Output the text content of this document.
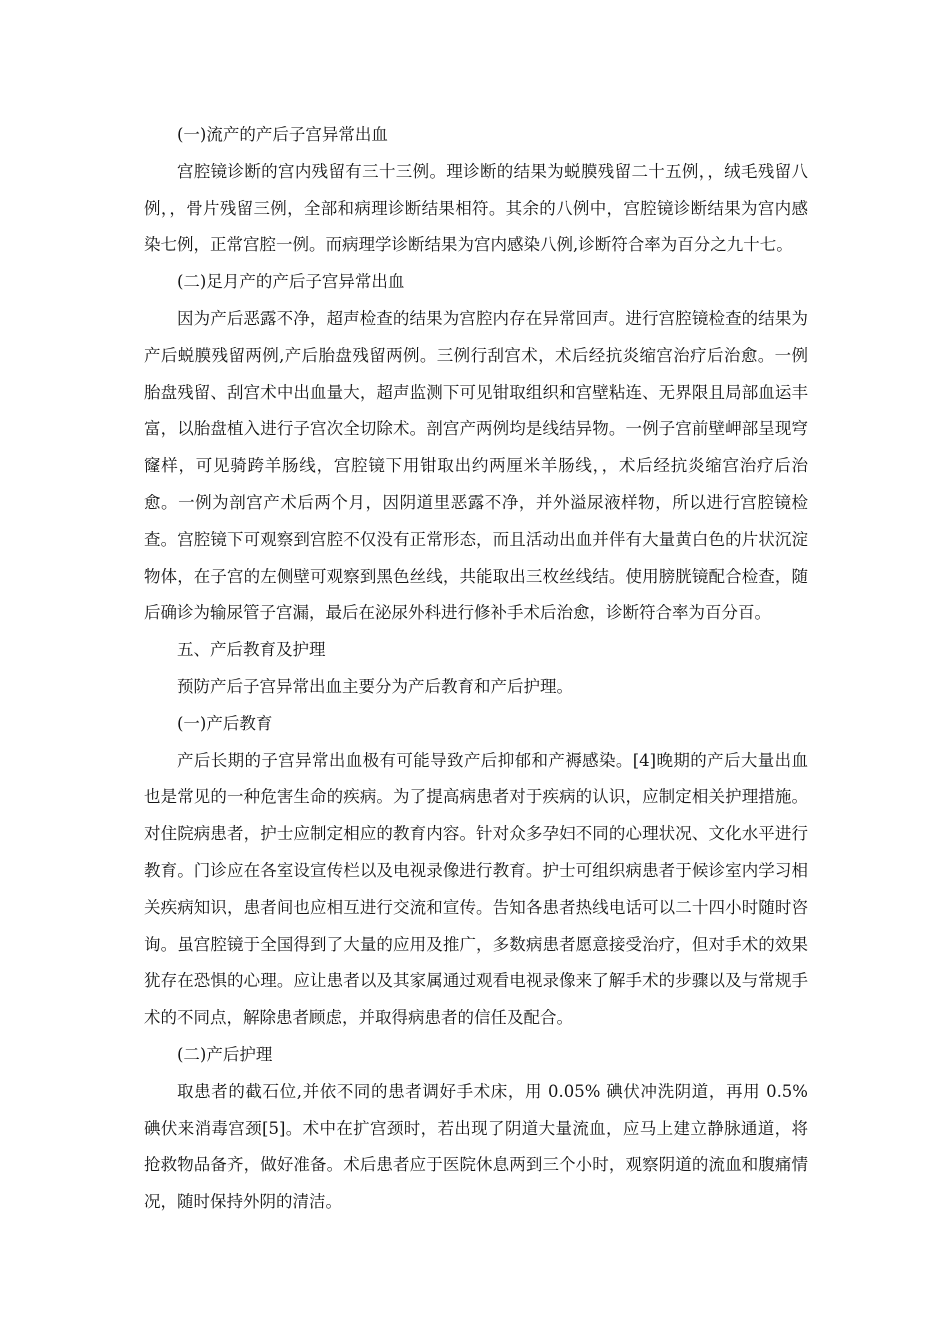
(一)流产的产后子宫异常出血

宫腔镜诊断的宫内残留有三十三例。理诊断的结果为蜕膜残留二十五例，，绒毛残留八例，，骨片残留三例，全部和病理诊断结果相符。其余的八例中，宫腔镜诊断结果为宫内感染七例，正常宫腔一例。而病理学诊断结果为宫内感染八例,诊断符合率为百分之九十七。

(二)足月产的产后子宫异常出血

因为产后恶露不净，超声检查的结果为宫腔内存在异常回声。进行宫腔镜检查的结果为产后蜕膜残留两例,产后胎盘残留两例。三例行刮宫术，术后经抗炎缩宫治疗后治愈。一例胎盘残留、刮宫术中出血量大，超声监测下可见钳取组织和宫壁粘连、无界限且局部血运丰富，以胎盘植入进行子宫次全切除术。剖宫产两例均是线结异物。一例子宫前壁岬部呈现穹窿样，可见骑跨羊肠线，宫腔镜下用钳取出约两厘米羊肠线，，术后经抗炎缩宫治疗后治愈。一例为剖宫产术后两个月，因阴道里恶露不净，并外溢尿液样物，所以进行宫腔镜检查。宫腔镜下可观察到宫腔不仅没有正常形态，而且活动出血并伴有大量黄白色的片状沉淀物体，在子宫的左侧壁可观察到黑色丝线，共能取出三枚丝线结。使用膀胱镜配合检查，随后确诊为输尿管子宫漏，最后在泌尿外科进行修补手术后治愈，诊断符合率为百分百。

五、产后教育及护理

预防产后子宫异常出血主要分为产后教育和产后护理。

(一)产后教育

产后长期的子宫异常出血极有可能导致产后抑郁和产褥感染。[4]晚期的产后大量出血也是常见的一种危害生命的疾病。为了提高病患者对于疾病的认识，应制定相关护理措施。对住院病患者，护士应制定相应的教育内容。针对众多孕妇不同的心理状况、文化水平进行教育。门诊应在各室设宣传栏以及电视录像进行教育。护士可组织病患者于候诊室内学习相关疾病知识，患者间也应相互进行交流和宣传。告知各患者热线电话可以二十四小时随时咨询。虽宫腔镜于全国得到了大量的应用及推广，多数病患者愿意接受治疗，但对手术的效果犹存在恐惧的心理。应让患者以及其家属通过观看电视录像来了解手术的步骤以及与常规手术的不同点，解除患者顾虑，并取得病患者的信任及配合。

(二)产后护理

取患者的截石位,并依不同的患者调好手术床，用 0.05% 碘伏冲洗阴道，再用 0.5% 碘伏来消毒宫颈[5]。术中在扩宫颈时，若出现了阴道大量流血，应马上建立静脉通道，将抢救物品备齐，做好准备。术后患者应于医院休息两到三个小时，观察阴道的流血和腹痛情况，随时保持外阴的清洁。
